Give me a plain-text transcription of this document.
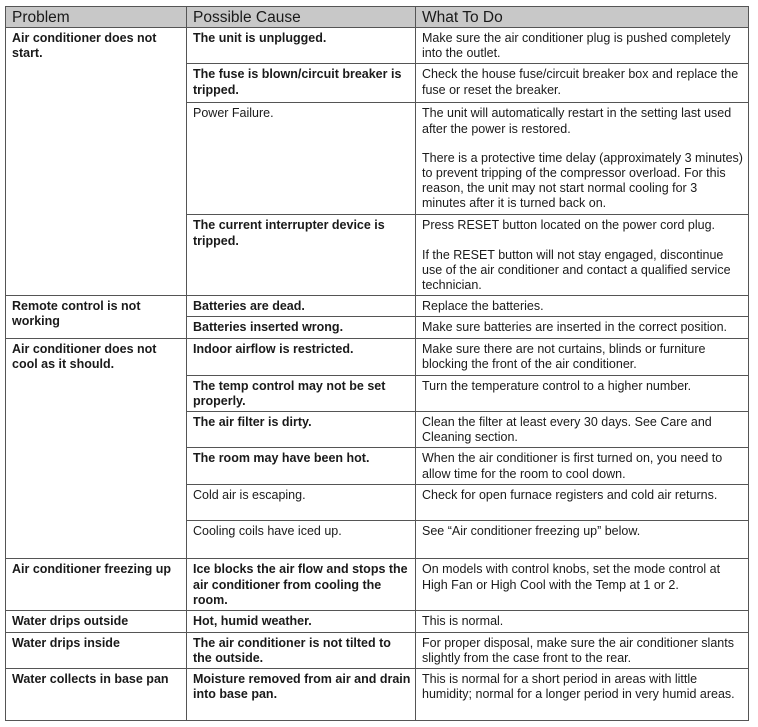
Problem	Possible Cause	What To Do
Air conditioner does not start.	The unit is unplugged.	Make sure the air conditioner plug is pushed completely into the outlet.

	The fuse is blown/circuit breaker is tripped.	Check the house fuse/circuit breaker box and replace the fuse or reset the breaker.

	Power Failure.	The unit will automatically restart in the setting last used after the power is restored.
There is a protective time delay (approximately 3 minutes) to prevent tripping of the compressor overload. For this reason, the unit may not start normal cooling for 3 minutes after it is turned back on.

	The current interrupter device is tripped.	Press RESET button located on the power cord plug.
If the RESET button will not stay engaged, discontinue use of the air conditioner and contact a qualified service technician.

Remote control is not working	Batteries are dead.	Replace the batteries.

	Batteries inserted wrong.	Make sure batteries are inserted in the correct position.

Air conditioner does not cool as it should.	Indoor airflow is restricted.	Make sure there are not curtains, blinds or furniture blocking the front of the air conditioner.

	The temp control may not be set properly.	Turn the temperature control to a higher number.

	The air filter is dirty.	Clean the filter at least every 30 days. See Care and Cleaning section.

	The room may have been hot.	When the air conditioner is first turned on, you need to allow time for the room to cool down.

	Cold air is escaping.	Check for open furnace registers and cold air returns.

	Cooling coils have iced up.	See “Air conditioner freezing up” below.

Air conditioner freezing up	Ice blocks the air flow and stops the air conditioner from cooling the room.	On models with control knobs, set the mode control at High Fan or High Cool with the Temp at 1 or 2.

Water drips outside	Hot, humid weather.	This is normal.

Water drips inside	The air conditioner is not tilted to the outside.	For proper disposal, make sure the air conditioner slants slightly from the case front to the rear.

Water collects in base pan	Moisture removed from air and drain into base pan.	This is normal for a short period in areas with little humidity; normal for a longer period in very humid areas.
